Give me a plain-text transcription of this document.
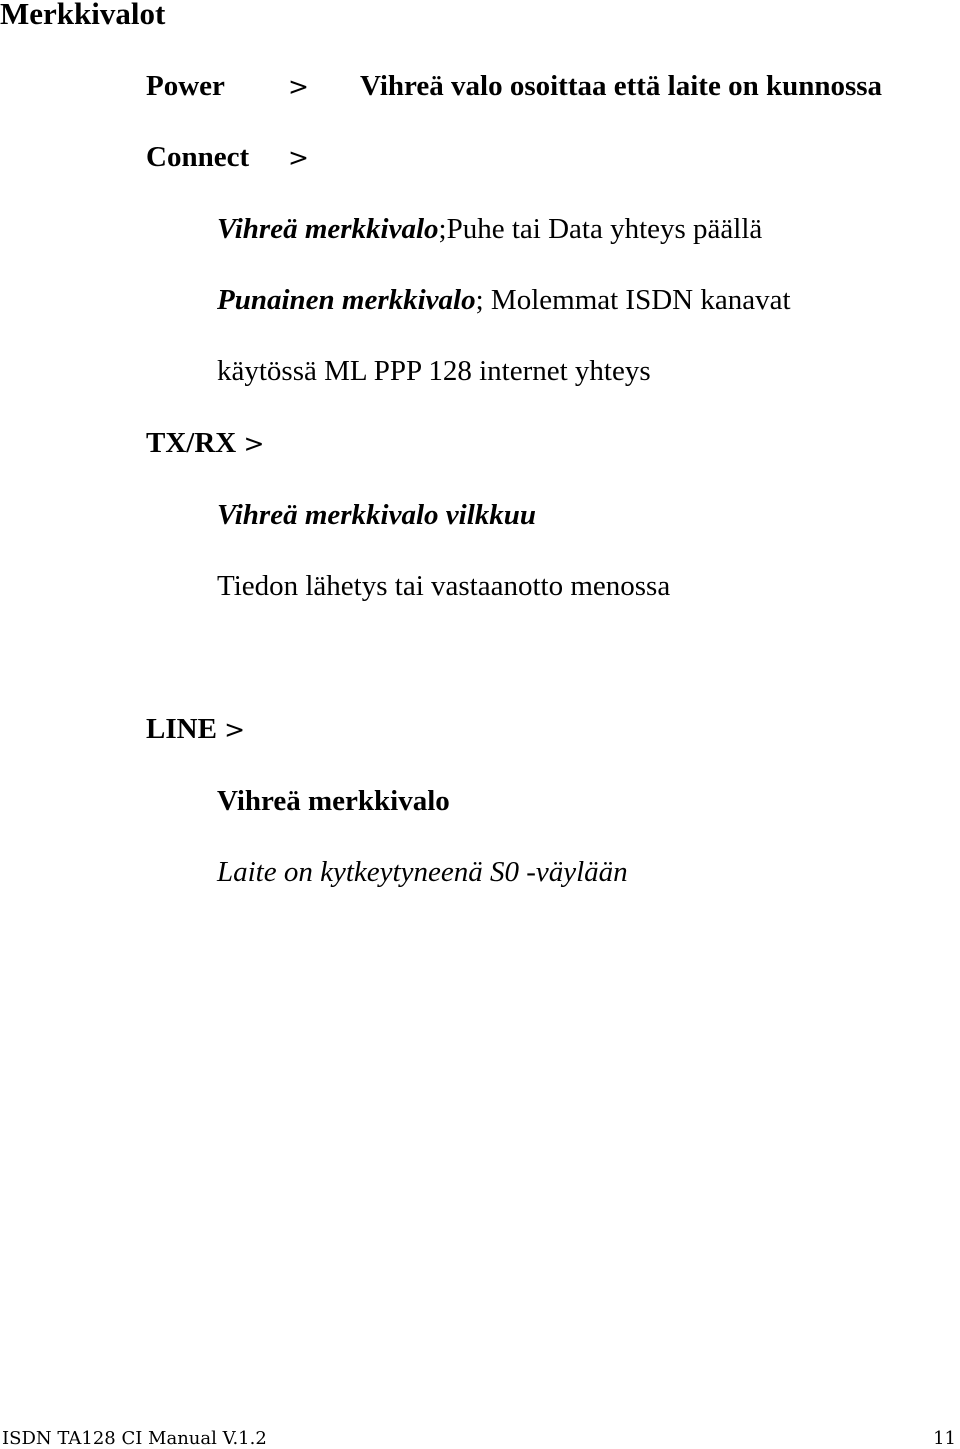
Merkkivalot
Power	> Vihreä valo osoittaa että laite on kunnossa
Connect >
Vihreä merkkivalo;Puhe tai Data yhteys päällä
Punainen merkkivalo; Molemmat ISDN kanavat
käytössä ML PPP 128 internet yhteys
TX/RX >
Vihreä merkkivalo vilkkuu
Tiedon lähetys tai vastaanotto menossa
LINE >
Vihreä merkkivalo
Laite on kytkeytyneenä S0 -väylään
ISDN TA128 CI Manual V.1.2	11
